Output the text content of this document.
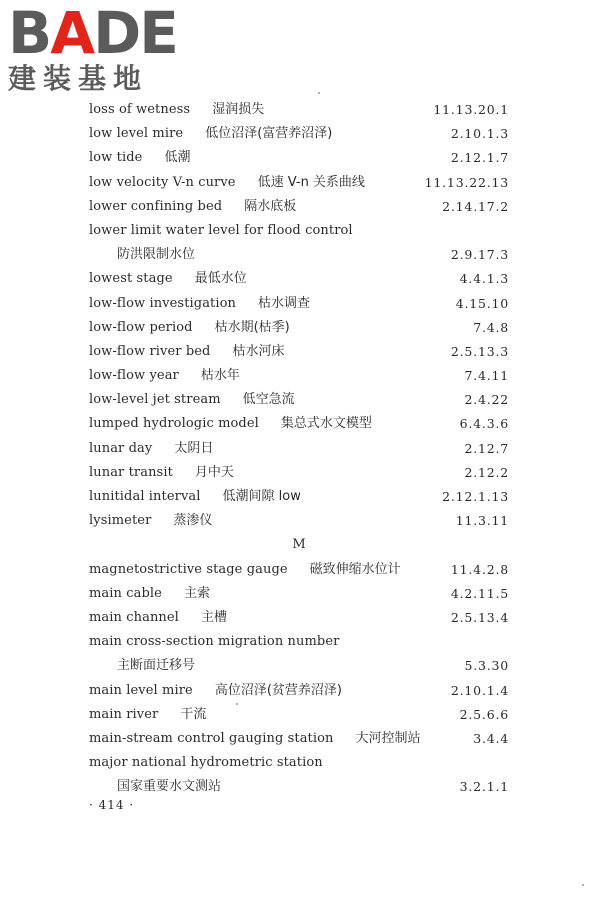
BADE
建装基地
loss of wetness 湿润损失	11.13.20.1
low level mire 低位沼泽(富营养沼泽)	2.10.1.3
low tide 低潮	2.12.1.7
low velocity V-n curve 低速 V-n 关系曲线	11.13.22.13
lower confining bed 隔水底板	2.14.17.2
lower limit water level for flood control
防洪限制水位	2.9.17.3
lowest stage 最低水位	4.4.1.3
low-flow investigation 枯水调查	4.15.10
low-flow period 枯水期(枯季)	7.4.8
low-flow river bed 枯水河床	2.5.13.3
low-flow year 枯水年	7.4.11
low-level jet stream 低空急流	2.4.22
lumped hydrologic model 集总式水文模型	6.4.3.6
lunar day 太阴日	2.12.7
lunar transit 月中天	2.12.2
lunitidal interval 低潮间隙 low	2.12.1.13
lysimeter 蒸渗仪	11.3.11
M
magnetostrictive stage gauge 磁致伸缩水位计	11.4.2.8
main cable 主索	4.2.11.5
main channel 主槽	2.5.13.4
main cross-section migration number
主断面迁移号	5.3.30
main level mire 高位沼泽(贫营养沼泽)	2.10.1.4
main river 干流	2.5.6.6
main-stream control gauging station 大河控制站	3.4.4
major national hydrometric station
国家重要水文测站	3.2.1.1
· 414 ·
